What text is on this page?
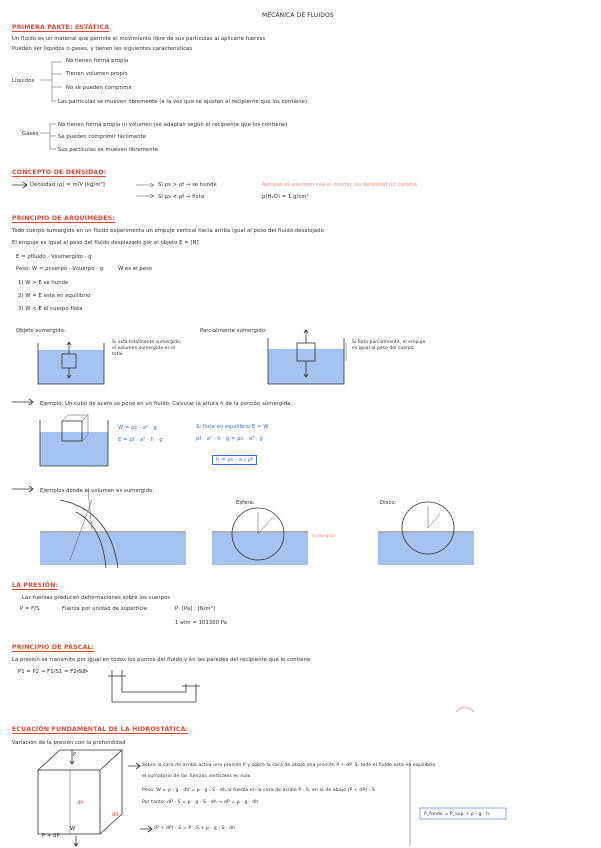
MECÁNICA DE FLUIDOS
PRIMERA PARTE: ESTÁTICA
Un fluido es un material que permite el movimiento libre de sus partículas al aplicarle fuerzas
Pueden ser líquidos o gases, y tienen las siguientes características
Líquidos
No tienen forma propia
Tienen volumen propio
No se pueden comprimir
Las partículas se mueven libremente (a la vez que se ajustan al recipiente que los contiene)
Gases
No tienen forma propia ni volumen (se adaptan según el recipiente que los contiene)
Se pueden comprimir fácilmente
Sus partículas se mueven libremente
CONCEPTO DE DENSIDAD:
Densidad (ρ) = m/V [kg/m³]	Si ρs > ρf → se hunde
Si ρs < ρf → flota
Aunque el volumen sea el mismo, su densidad no cambia
ρ(H₂O) = 1 g/cm³
PRINCIPIO DE ARQUÍMEDES:
Todo cuerpo sumergido en un fluido experimenta un empuje vertical hacia arriba igual al peso del fluido desalojado
El empuje es igual al peso del fluido desplazado por el objeto E = [N]
E = ρfluido · Vsumergido · g
Peso: W = ρcuerpo · Vcuerpo · g	W es el peso
1) W > E se hunde
2) W = E está en equilibrio
3) W < E el cuerpo flota
Objeto sumergido:
Si está totalmente sumergido, el volumen sumergido es el total
Parcialmente sumergido:
Si flota parcialmente, el empuje es igual al peso del cuerpo
Ejemplo: Un cubo de acero se pone en un fluido. Calcular la altura h de la porción sumergida.
W = ρc · a² · g
E = ρf · a² · h · g
Si flota en equilibrio E = W
ρf · a² · h · g = ρc · a³ · g
h = ρc · a / ρf
Ejemplos donde el volumen es sumergido:
Esfera:	Disco:
sumergido
LA PRESIÓN:
Las fuerzas producen deformaciones sobre los cuerpos
P = F/S	Fuerza por unidad de superficie	P: [Pa] , [N/m²]
1 atm = 101300 Pa
PRINCIPIO DE PASCAL:
La presión se transmite por igual en todos los puntos del fluido y en las paredes del recipiente que lo contiene
P1 = P2 ⇒ F1/S1 = F2/S2
ECUACIÓN FUNDAMENTAL DE LA HIDROSTÁTICA:
Variación de la presión con la profundidad
Sobre la cara de arriba actúa una presión P y sobre la cara de abajo una presión P + dP. Si todo el fluido está en equilibrio
el sumatorio de las fuerzas verticales es nulo
Peso: W = ρ · g · dV = ρ · g · S · dh la fuerza en la cara de arriba P · S, en la de abajo (P + dP) · S
Por tanto: dP · S = ρ · g · S · dh → dP = ρ · g · dh
(P + dP) · S = P · S + ρ · g · S · dh
P_fondo = P_sup + ρ · g · h
dS
dh
W
P
P + dP
